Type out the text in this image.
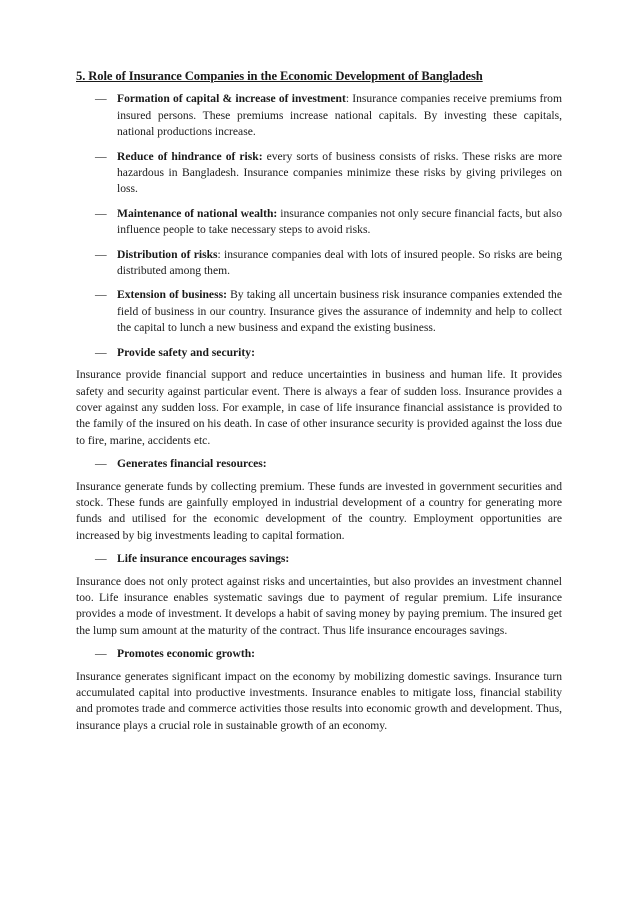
5. Role of Insurance Companies in the Economic Development of Bangladesh
— Formation of capital & increase of investment: Insurance companies receive premiums from insured persons. These premiums increase national capitals. By investing these capitals, national productions increase.
— Reduce of hindrance of risk: every sorts of business consists of risks. These risks are more hazardous in Bangladesh. Insurance companies minimize these risks by giving privileges on loss.
— Maintenance of national wealth: insurance companies not only secure financial facts, but also influence people to take necessary steps to avoid risks.
— Distribution of risks: insurance companies deal with lots of insured people. So risks are being distributed among them.
— Extension of business: By taking all uncertain business risk insurance companies extended the field of business in our country. Insurance gives the assurance of indemnity and help to collect the capital to lunch a new business and expand the existing business.
— Provide safety and security:
Insurance provide financial support and reduce uncertainties in business and human life. It provides safety and security against particular event. There is always a fear of sudden loss. Insurance provides a cover against any sudden loss. For example, in case of life insurance financial assistance is provided to the family of the insured on his death. In case of other insurance security is provided against the loss due to fire, marine, accidents etc.
— Generates financial resources:
Insurance generate funds by collecting premium. These funds are invested in government securities and stock. These funds are gainfully employed in industrial development of a country for generating more funds and utilised for the economic development of the country. Employment opportunities are increased by big investments leading to capital formation.
— Life insurance encourages savings:
Insurance does not only protect against risks and uncertainties, but also provides an investment channel too. Life insurance enables systematic savings due to payment of regular premium. Life insurance provides a mode of investment. It develops a habit of saving money by paying premium. The insured get the lump sum amount at the maturity of the contract. Thus life insurance encourages savings.
— Promotes economic growth:
Insurance generates significant impact on the economy by mobilizing domestic savings. Insurance turn accumulated capital into productive investments. Insurance enables to mitigate loss, financial stability and promotes trade and commerce activities those results into economic growth and development. Thus, insurance plays a crucial role in sustainable growth of an economy.
